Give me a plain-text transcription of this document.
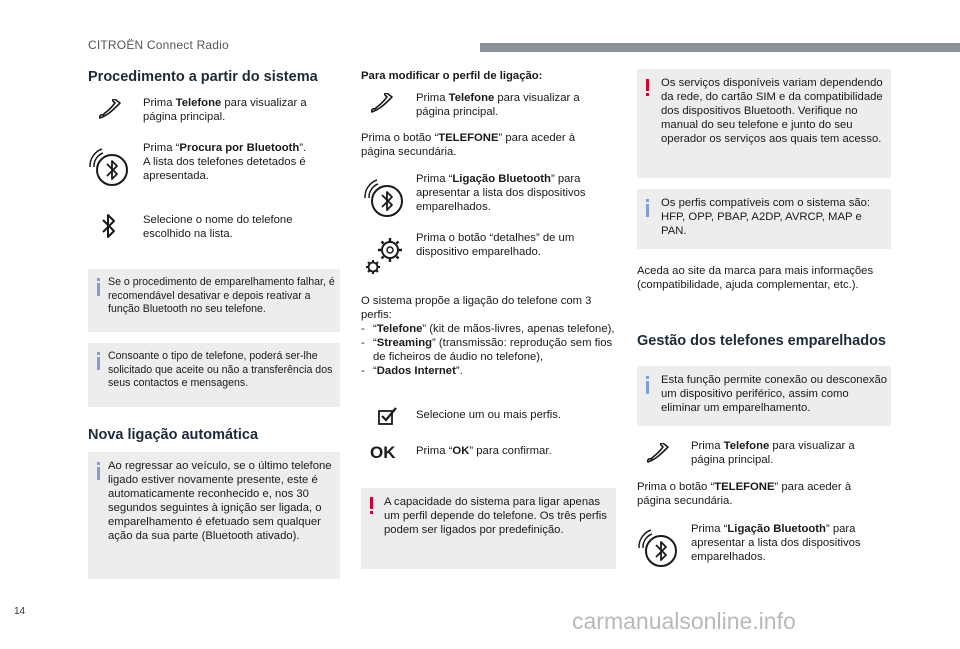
CITROËN Connect Radio
Procedimento a partir do sistema

Prima Telefone para visualizar a página principal.

Prima “Procura por Bluetooth”.
A lista dos telefones detetados é apresentada.

Selecione o nome do telefone escolhido na lista.

Se o procedimento de emparelhamento falhar, é recomendável desativar e depois reativar a função Bluetooth no seu telefone.

Consoante o tipo de telefone, poderá ser-lhe solicitado que aceite ou não a transferência dos seus contactos e mensagens.

Nova ligação automática

Ao regressar ao veículo, se o último telefone ligado estiver novamente presente, este é automaticamente reconhecido e, nos 30 segundos seguintes à ignição ser ligada, o emparelhamento é efetuado sem qualquer ação da sua parte (Bluetooth ativado).

Para modificar o perfil de ligação:

Prima Telefone para visualizar a página principal.

Prima o botão “TELEFONE” para aceder à página secundária.

Prima “Ligação Bluetooth” para apresentar a lista dos dispositivos emparelhados.

Prima o botão “detalhes” de um dispositivo emparelhado.

O sistema propõe a ligação do telefone com 3 perfis:

- “Telefone” (kit de mãos-livres, apenas telefone),
- “Streaming” (transmissão: reprodução sem fios de ficheiros de áudio no telefone),
- “Dados Internet”.

Selecione um ou mais perfis.

OK Prima “OK” para confirmar.

A capacidade do sistema para ligar apenas um perfil depende do telefone. Os três perfis podem ser ligados por predefinição.

Os serviços disponíveis variam dependendo da rede, do cartão SIM e da compatibilidade dos dispositivos Bluetooth. Verifique no manual do seu telefone e junto do seu operador os serviços aos quais tem acesso.

Os perfis compatíveis com o sistema são: HFP, OPP, PBAP, A2DP, AVRCP, MAP e PAN.

Aceda ao site da marca para mais informações (compatibilidade, ajuda complementar, etc.).

Gestão dos telefones emparelhados

Esta função permite conexão ou desconexão um dispositivo periférico, assim como eliminar um emparelhamento.

Prima Telefone para visualizar a página principal.

Prima o botão “TELEFONE” para aceder à página secundária.

Prima “Ligação Bluetooth” para apresentar a lista dos dispositivos emparelhados.

14	carmanualsonline.info
